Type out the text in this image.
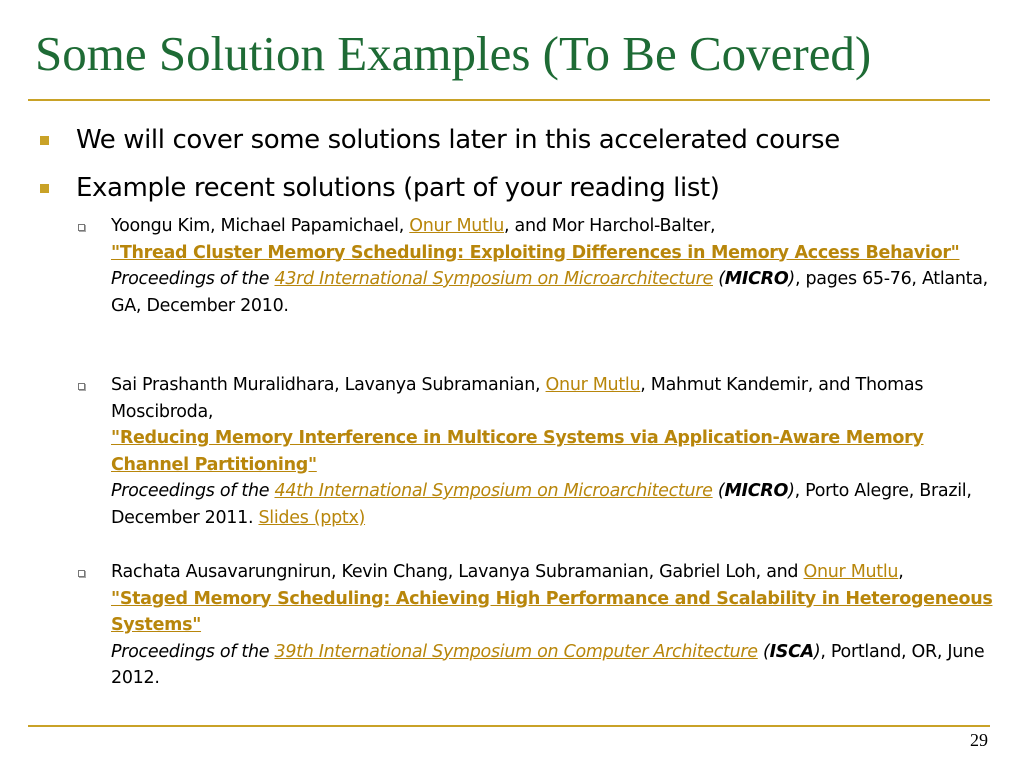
Some Solution Examples (To Be Covered)
We will cover some solutions later in this accelerated course
Example recent solutions (part of your reading list)
Yoongu Kim, Michael Papamichael, Onur Mutlu, and Mor Harchol-Balter,
"Thread Cluster Memory Scheduling: Exploiting Differences in Memory Access Behavior"
Proceedings of the 43rd International Symposium on Microarchitecture (MICRO), pages 65-76, Atlanta, GA, December 2010.
Sai Prashanth Muralidhara, Lavanya Subramanian, Onur Mutlu, Mahmut Kandemir, and Thomas Moscibroda,
"Reducing Memory Interference in Multicore Systems via Application-Aware Memory Channel Partitioning"
Proceedings of the 44th International Symposium on Microarchitecture (MICRO), Porto Alegre, Brazil, December 2011. Slides (pptx)
Rachata Ausavarungnirun, Kevin Chang, Lavanya Subramanian, Gabriel Loh, and Onur Mutlu,
"Staged Memory Scheduling: Achieving High Performance and Scalability in Heterogeneous Systems"
Proceedings of the 39th International Symposium on Computer Architecture (ISCA), Portland, OR, June 2012.
29
